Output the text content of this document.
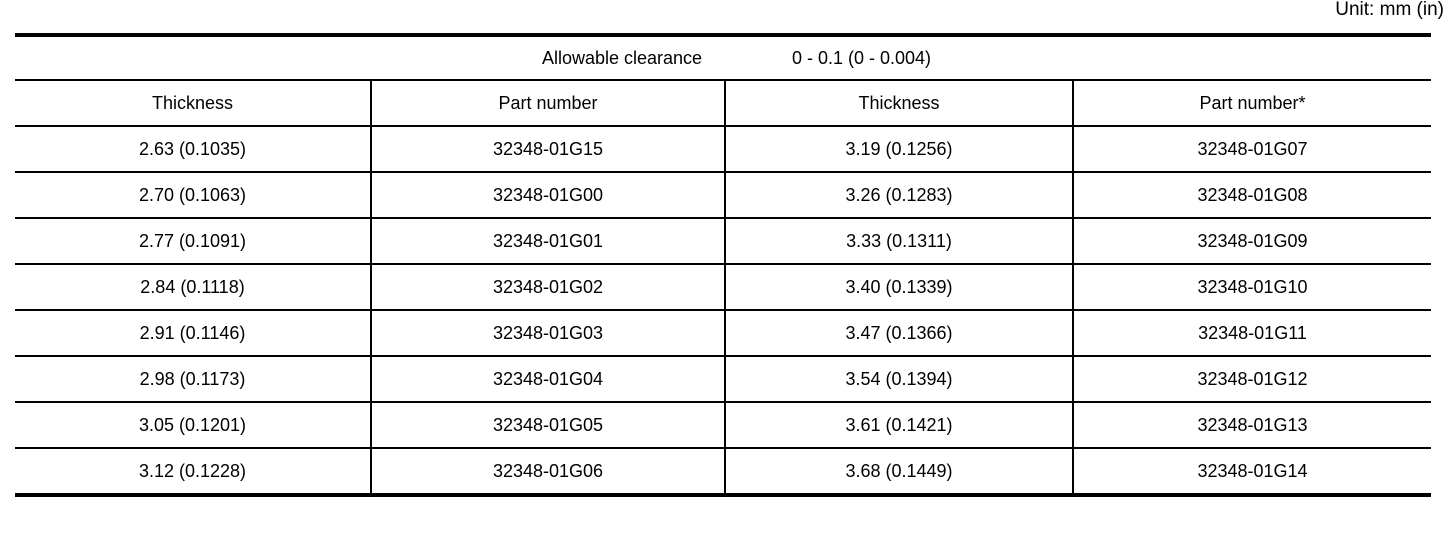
Unit: mm (in)
Allowable clearance 0 - 0.1 (0 - 0.004)			

Thickness	Part number	Thickness	Part number*
2.63 (0.1035)	32348-01G15	3.19 (0.1256)	32348-01G07
2.70 (0.1063)	32348-01G00	3.26 (0.1283)	32348-01G08
2.77 (0.1091)	32348-01G01	3.33 (0.1311)	32348-01G09
2.84 (0.1118)	32348-01G02	3.40 (0.1339)	32348-01G10
2.91 (0.1146)	32348-01G03	3.47 (0.1366)	32348-01G11
2.98 (0.1173)	32348-01G04	3.54 (0.1394)	32348-01G12
3.05 (0.1201)	32348-01G05	3.61 (0.1421)	32348-01G13
3.12 (0.1228)	32348-01G06	3.68 (0.1449)	32348-01G14
